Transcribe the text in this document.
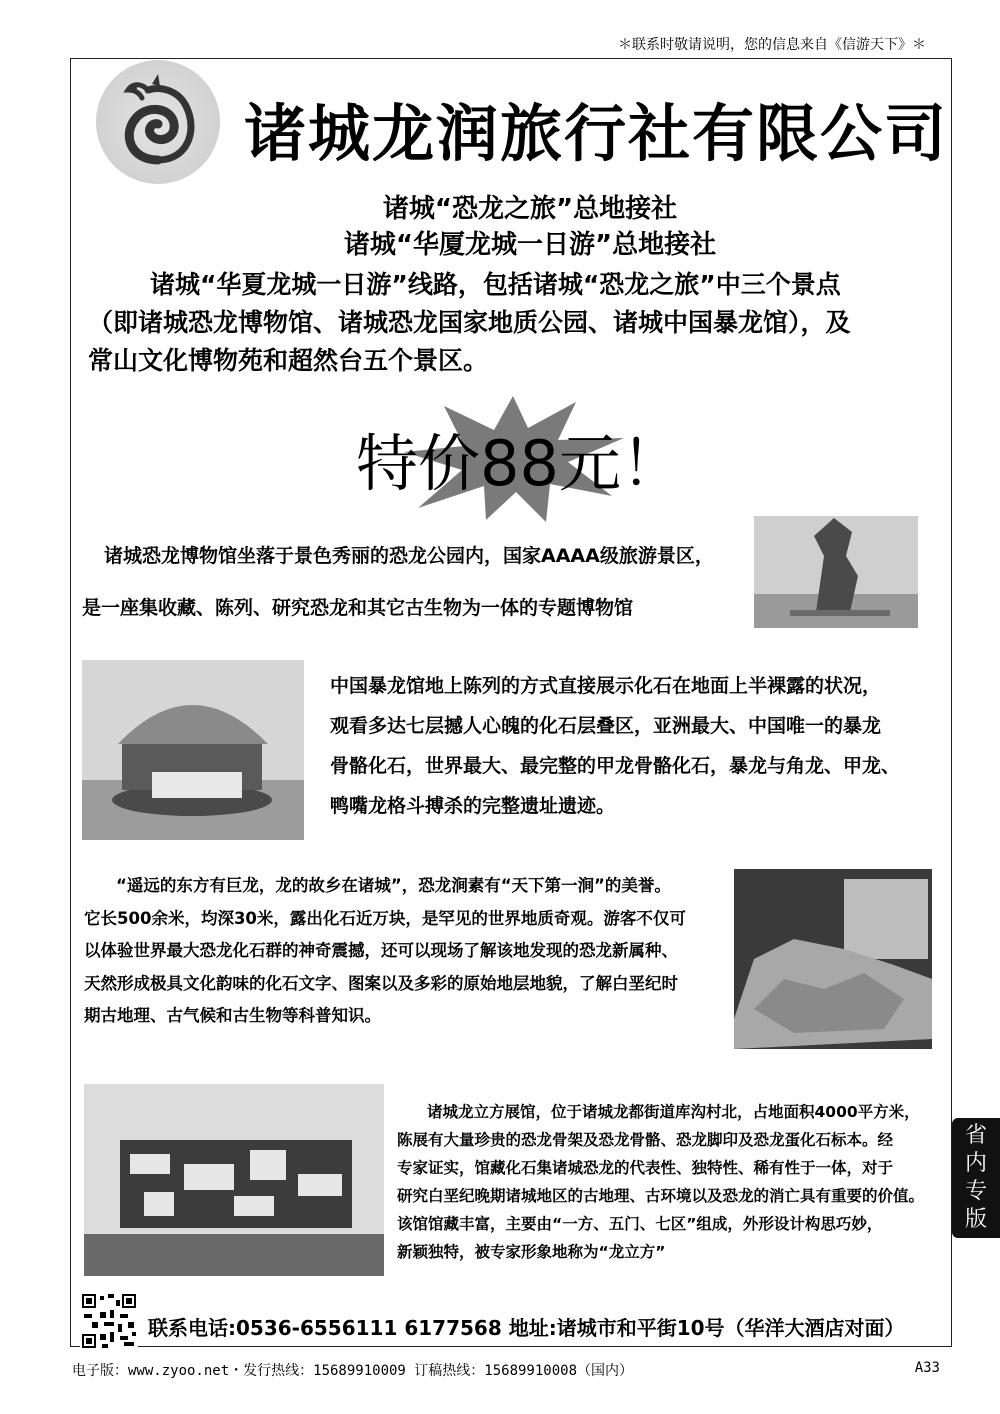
＊联系时敬请说明，您的信息来自《信游天下》＊
诸城龙润旅行社有限公司
诸城“恐龙之旅”总地接社
诸城“华厦龙城一日游”总地接社
诸城“华夏龙城一日游”线路，包括诸城“恐龙之旅”中三个景点
（即诸城恐龙博物馆、诸城恐龙国家地质公园、诸城中国暴龙馆），及
常山文化博物苑和超然台五个景区。
特价88元！
诸城恐龙博物馆坐落于景色秀丽的恐龙公园内，国家AAAA级旅游景区，
是一座集收藏、陈列、研究恐龙和其它古生物为一体的专题博物馆
中国暴龙馆地上陈列的方式直接展示化石在地面上半裸露的状况，
观看多达七层撼人心魄的化石层叠区，亚洲最大、中国唯一的暴龙
骨骼化石，世界最大、最完整的甲龙骨骼化石，暴龙与角龙、甲龙、
鸭嘴龙格斗搏杀的完整遗址遗迹。
“遥远的东方有巨龙，龙的故乡在诸城”，恐龙涧素有“天下第一涧”的美誉。
它长500余米，均深30米，露出化石近万块，是罕见的世界地质奇观。游客不仅可
以体验世界最大恐龙化石群的神奇震撼，还可以现场了解该地发现的恐龙新属种、
天然形成极具文化韵味的化石文字、图案以及多彩的原始地层地貌，了解白垩纪时
期古地理、古气候和古生物等科普知识。
诸城龙立方展馆，位于诸城龙都街道库沟村北，占地面积4000平方米，
陈展有大量珍贵的恐龙骨架及恐龙骨骼、恐龙脚印及恐龙蛋化石标本。经
专家证实，馆藏化石集诸城恐龙的代表性、独特性、稀有性于一体，对于
研究白垩纪晚期诸城地区的古地理、古环境以及恐龙的消亡具有重要的价值。
该馆馆藏丰富，主要由“一方、五门、七区”组成，外形设计构思巧妙，
新颖独特，被专家形象地称为“龙立方”
联系电话:0536-6556111 6177568 地址:诸城市和平街10号（华洋大酒店对面）
电子版：www.zyoo.net・发行热线：15689910009 订稿热线：15689910008（国内）	A33
省
内
专
版
